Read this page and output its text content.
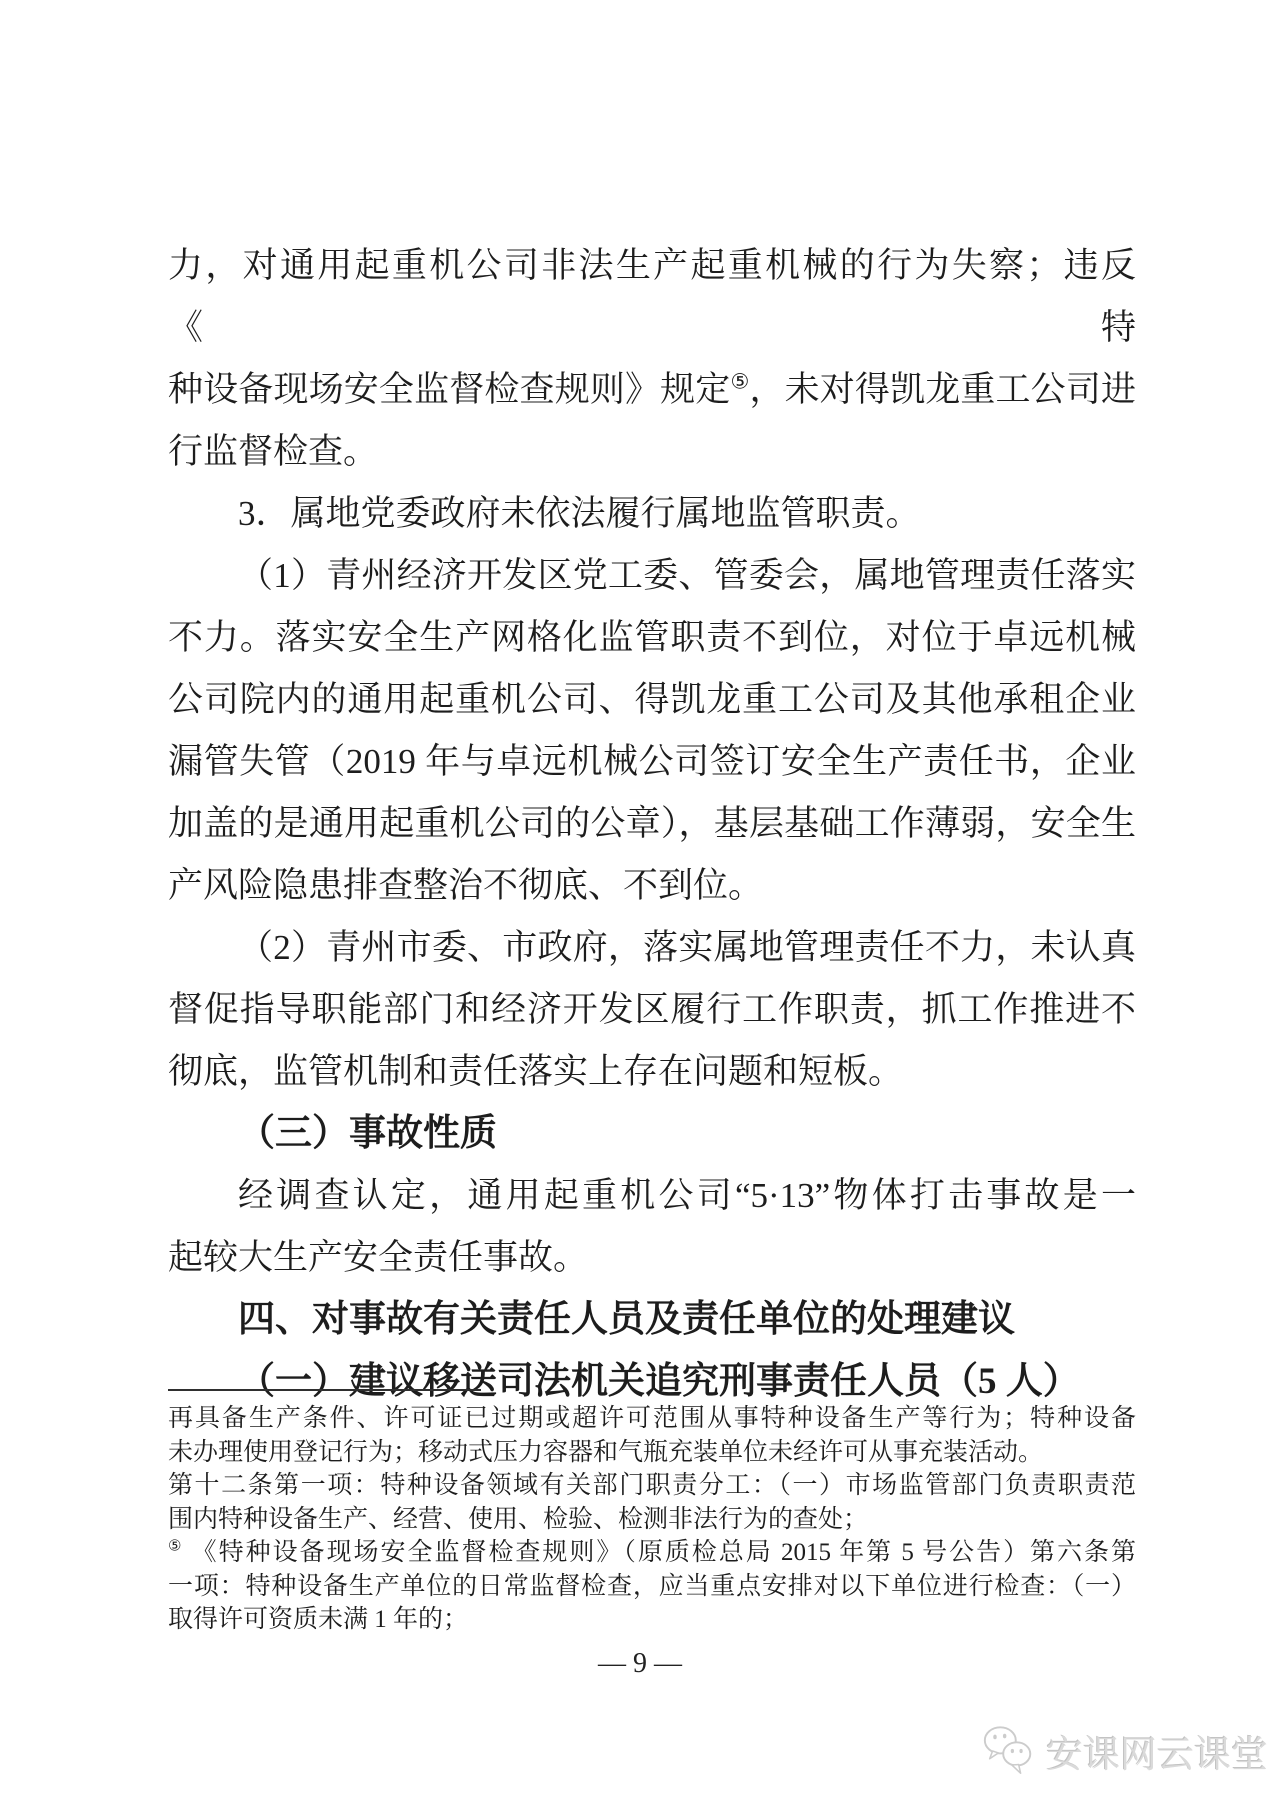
力，对通用起重机公司非法生产起重机械的行为失察；违反《特
种设备现场安全监督检查规则》规定⑤，未对得凯龙重工公司进
行监督检查。
3．属地党委政府未依法履行属地监管职责。
（1）青州经济开发区党工委、管委会，属地管理责任落实
不力。落实安全生产网格化监管职责不到位，对位于卓远机械
公司院内的通用起重机公司、得凯龙重工公司及其他承租企业
漏管失管（2019 年与卓远机械公司签订安全生产责任书，企业
加盖的是通用起重机公司的公章），基层基础工作薄弱，安全生
产风险隐患排查整治不彻底、不到位。
（2）青州市委、市政府，落实属地管理责任不力，未认真
督促指导职能部门和经济开发区履行工作职责，抓工作推进不
彻底，监管机制和责任落实上存在问题和短板。
（三）事故性质
经调查认定，通用起重机公司“5·13”物体打击事故是一
起较大生产安全责任事故。
四、对事故有关责任人员及责任单位的处理建议
（一）建议移送司法机关追究刑事责任人员（5 人）
再具备生产条件、许可证已过期或超许可范围从事特种设备生产等行为；特种设备
未办理使用登记行为；移动式压力容器和气瓶充装单位未经许可从事充装活动。
第十二条第一项：特种设备领域有关部门职责分工：（一）市场监管部门负责职责范
围内特种设备生产、经营、使用、检验、检测非法行为的查处；
⑤ 《特种设备现场安全监督检查规则》（原质检总局 2015 年第 5 号公告）第六条第
一项：特种设备生产单位的日常监督检查，应当重点安排对以下单位进行检查：（一）
取得许可资质未满 1 年的；
— 9 —
安课网云课堂
